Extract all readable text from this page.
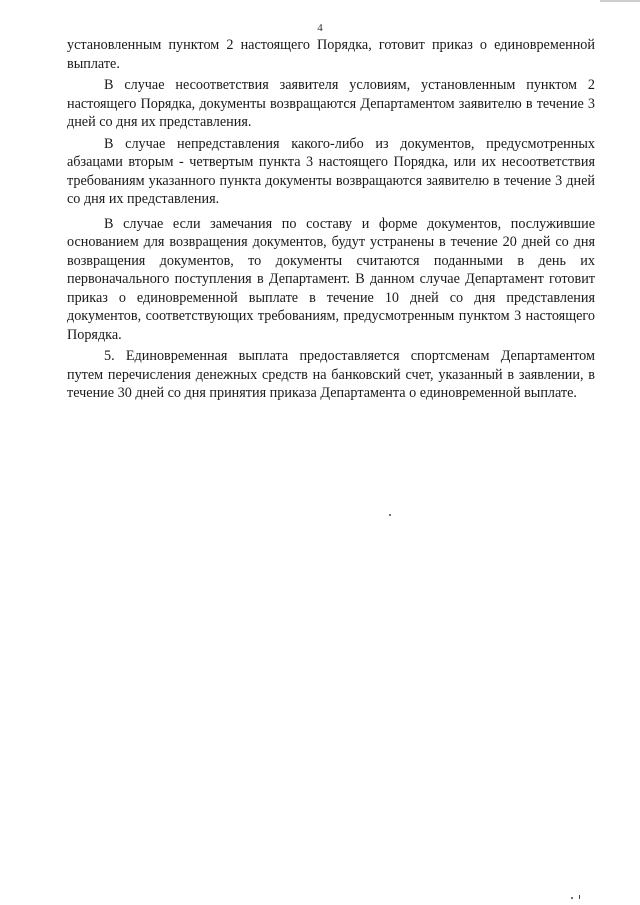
4

установленным пунктом 2 настоящего Порядка, готовит приказ о единовременной выплате.

В случае несоответствия заявителя условиям, установленным пунктом 2 настоящего Порядка, документы возвращаются Департаментом заявителю в течение 3 дней со дня их представления.

В случае непредставления какого-либо из документов, предусмотренных абзацами вторым - четвертым пункта 3 настоящего Порядка, или их несоответствия требованиям указанного пункта документы возвращаются заявителю в течение 3 дней со дня их представления.

В случае если замечания по составу и форме документов, послужившие основанием для возвращения документов, будут устранены в течение 20 дней со дня возвращения документов, то документы считаются поданными в день их первоначального поступления в Департамент. В данном случае Департамент готовит приказ о единовременной выплате в течение 10 дней со дня представления документов, соответствующих требованиям, предусмотренным пунктом 3 настоящего Порядка.

5. Единовременная выплата предоставляется спортсменам Департаментом путем перечисления денежных средств на банковский счет, указанный в заявлении, в течение 30 дней со дня принятия приказа Департамента о единовременной выплате.
